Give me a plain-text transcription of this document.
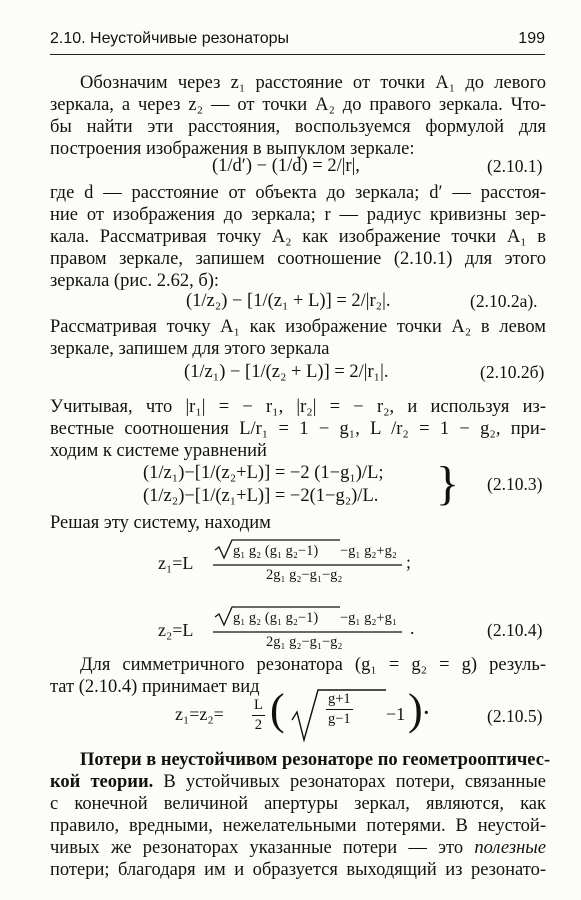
2.10. Неустойчивые резонаторы	199
Обозначим через z₁ расстояние от точки A₁ до левого
зеркала, а через z₂ — от точки A₂ до правого зеркала. Что-
бы найти эти расстояния, воспользуемся формулой для
построения изображения в выпуклом зеркале:
(1/d′) − (1/d) = 2/|r|,	(2.10.1)
где d — расстояние от объекта до зеркала; d′ — расстоя-
ние от изображения до зеркала; r — радиус кривизны зер-
кала. Рассматривая точку A₂ как изображение точки A₁ в
правом зеркале, запишем соотношение (2.10.1) для этого
зеркала (рис. 2.62, б):
(1/z₂) − [1/(z₁ + L)] = 2/|r₂|.	(2.10.2а).
Рассматривая точку A₁ как изображение точки A₂ в левом
зеркале, запишем для этого зеркала
(1/z₁) − [1/(z₂ + L)] = 2/|r₁|.	(2.10.2б)
Учитывая, что |r₁| = − r₁, |r₂| = − r₂, и используя из-
вестные соотношения L/r₁ = 1 − g₁, L /r₂ = 1 − g₂, при-
ходим к системе уравнений
(1/z₁)−[1/(z₂+L)] = −2 (1−g₁)/L;
(1/z₂)−[1/(z₁+L)] = −2(1−g₂)/L. } (2.10.3)
Решая эту систему, находим
z₁=L
g₁ g₂ (g₁ g₂−1) −g₁ g₂+g₂
2g₁ g₂−g₁−g₂
;
z₂=L
g₁ g₂ (g₁ g₂−1) −g₁ g₂+g₁
2g₁ g₂−g₁−g₂
.	(2.10.4)
Для симметричного резонатора (g₁ = g₂ = g) резуль-
тат (2.10.4) принимает вид
$z_1=z_2= \frac{L}{2}$ (	$\frac{g+1}{g-1} -1$ ) ·	(2.10.5)
Потери в неустойчивом резонаторе по геометрооптичес-
кой теории. В устойчивых резонаторах потери, связанные
с конечной величиной апертуры зеркал, являются, как
правило, вредными, нежелательными потерями. В неустой-
чивых же резонаторах указанные потери — это полезные
потери; благодаря им и образуется выходящий из резонато-
